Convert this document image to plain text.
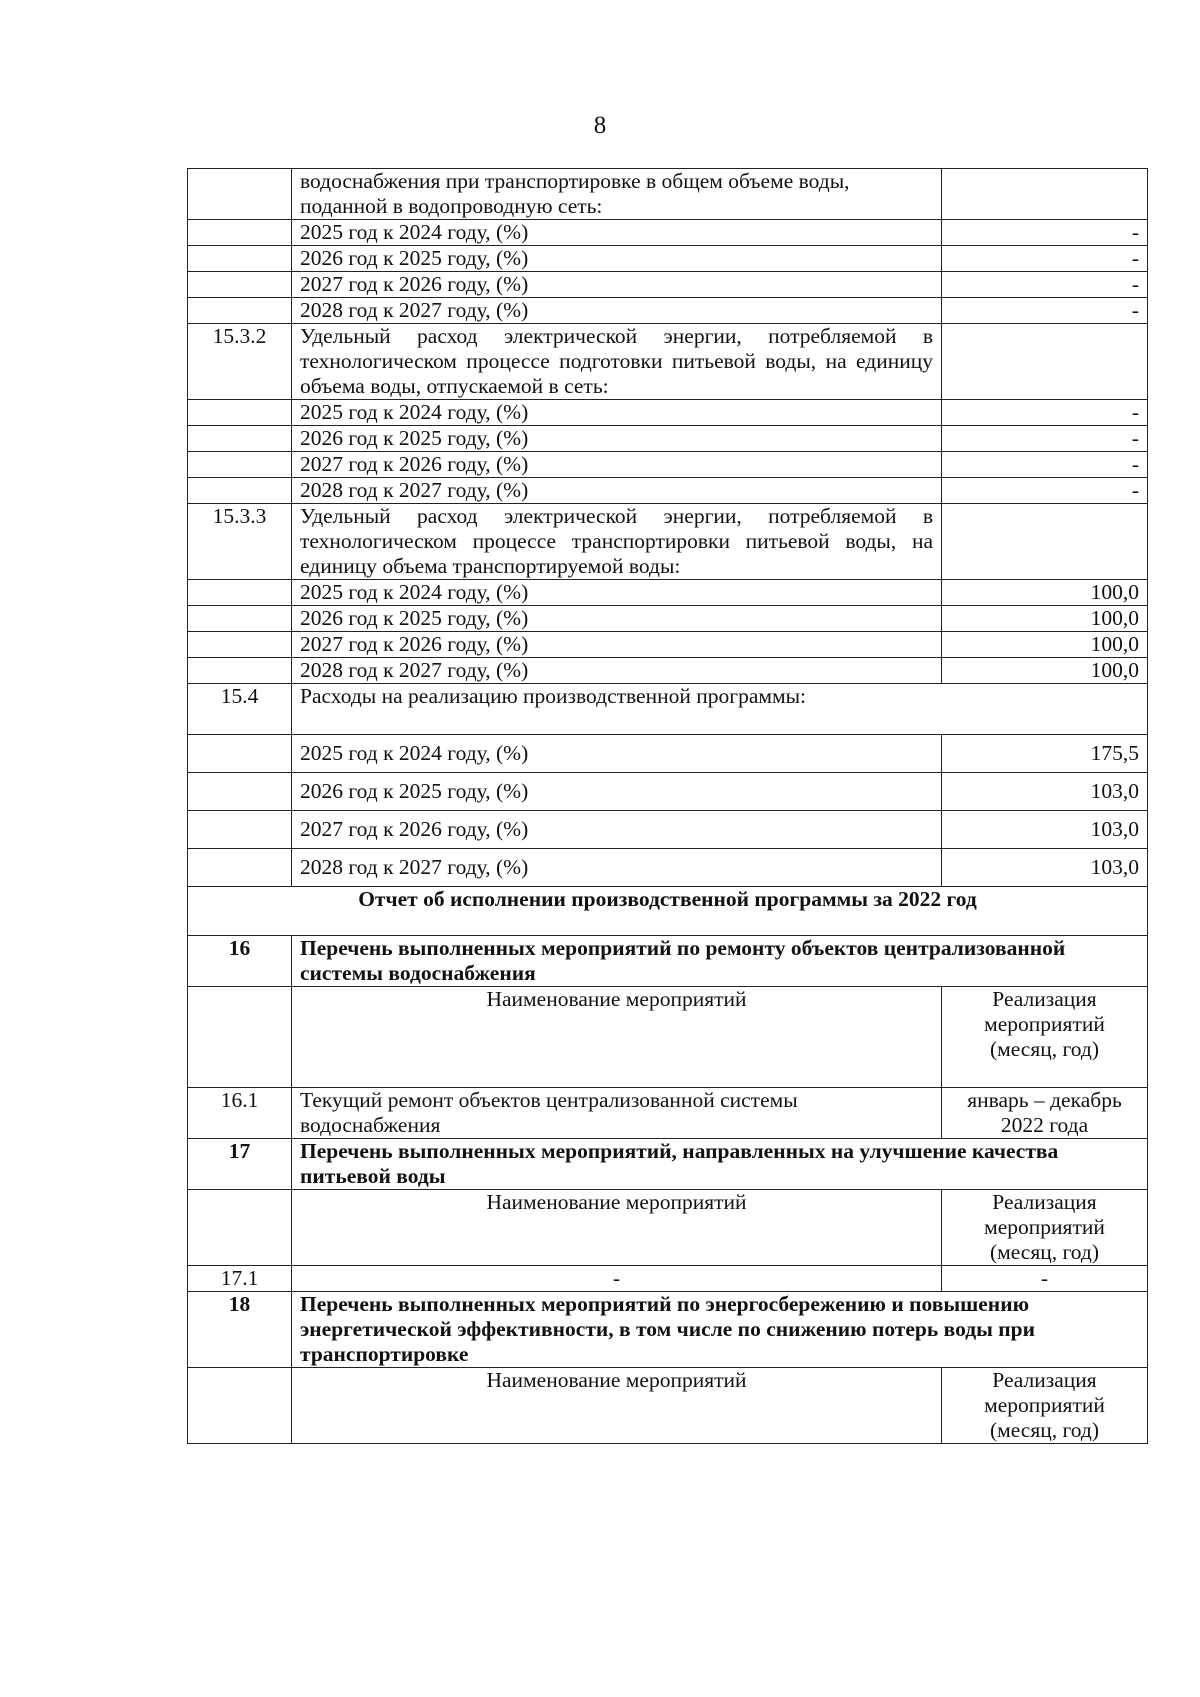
8
	водоснабжения при транспортировке в общем объеме воды, поданной в водопроводную сеть:	
	2025 год к 2024 году, (%)	-
	2026 год к 2025 году, (%)	-
	2027 год к 2026 году, (%)	-
	2028 год к 2027 году, (%)	-
15.3.2	Удельный расход электрической энергии, потребляемой в технологическом процессе подготовки питьевой воды, на единицу объема воды, отпускаемой в сеть:	
	2025 год к 2024 году, (%)	-
	2026 год к 2025 году, (%)	-
	2027 год к 2026 году, (%)	-
	2028 год к 2027 году, (%)	-
15.3.3	Удельный расход электрической энергии, потребляемой в технологическом процессе транспортировки питьевой воды, на единицу объема транспортируемой воды:	
	2025 год к 2024 году, (%)	100,0
	2026 год к 2025 году, (%)	100,0
	2027 год к 2026 году, (%)	100,0
	2028 год к 2027 году, (%)	100,0
15.4	Расходы на реализацию производственной программы:	
	2025 год к 2024 году, (%)	175,5
	2026 год к 2025 году, (%)	103,0
	2027 год к 2026 году, (%)	103,0
	2028 год к 2027 году, (%)	103,0
Отчет об исполнении производственной программы за 2022 год		
16	Перечень выполненных мероприятий по ремонту объектов централизованной системы водоснабжения	
	Наименование мероприятий	Реализация мероприятий (месяц, год)
16.1	Текущий ремонт объектов централизованной системы водоснабжения	январь – декабрь 2022 года
17	Перечень выполненных мероприятий, направленных на улучшение качества питьевой воды	
	Наименование мероприятий	Реализация мероприятий (месяц, год)
17.1	-	-
18	Перечень выполненных мероприятий по энергосбережению и повышению энергетической эффективности, в том числе по снижению потерь воды при транспортировке	
	Наименование мероприятий	Реализация мероприятий (месяц, год)
